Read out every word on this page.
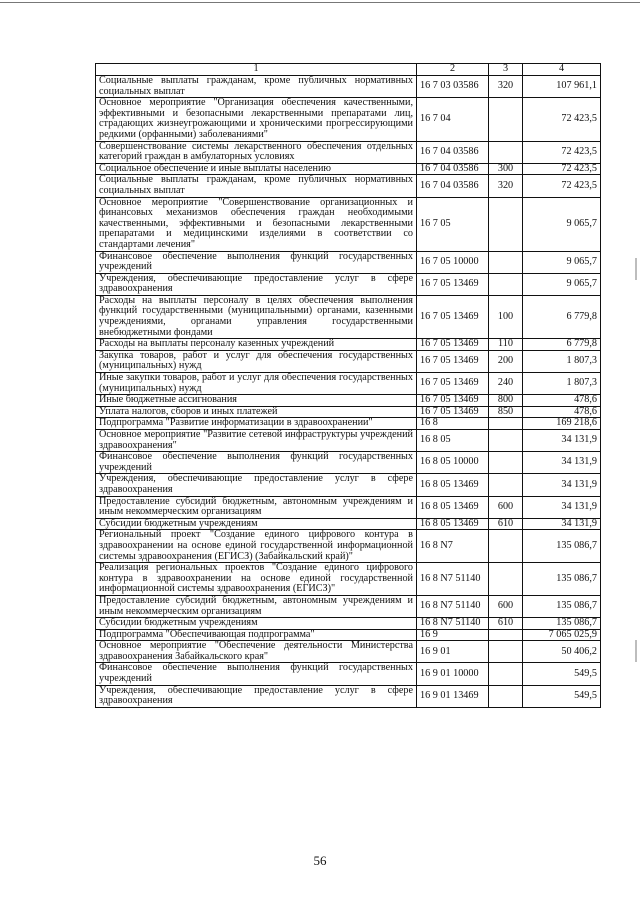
1	2	3	4
Социальные выплаты гражданам, кроме публичных нормативных социальных выплат	16 7 03 03586	320	107 961,1
Основное мероприятие "Организация обеспечения качественными, эффективными и безопасными лекарственными препаратами лиц, страдающих жизнеугрожающими и хроническими прогрессирующими редкими (орфанными) заболеваниями"	16 7 04		72 423,5
Совершенствование системы лекарственного обеспечения отдельных категорий граждан в амбулаторных условиях	16 7 04 03586		72 423,5
Социальное обеспечение и иные выплаты населению	16 7 04 03586	300	72 423,5
Социальные выплаты гражданам, кроме публичных нормативных социальных выплат	16 7 04 03586	320	72 423,5
Основное мероприятие "Совершенствование организационных и финансовых механизмов обеспечения граждан необходимыми качественными, эффективными и безопасными лекарственными препаратами и медицинскими изделиями в соответствии со стандартами лечения"	16 7 05		9 065,7
Финансовое обеспечение выполнения функций государственных учреждений	16 7 05 10000		9 065,7
Учреждения, обеспечивающие предоставление услуг в сфере здравоохранения	16 7 05 13469		9 065,7
Расходы на выплаты персоналу в целях обеспечения выполнения функций государственными (муниципальными) органами, казенными учреждениями, органами управления государственными внебюджетными фондами	16 7 05 13469	100	6 779,8
Расходы на выплаты персоналу казенных учреждений	16 7 05 13469	110	6 779,8
Закупка товаров, работ и услуг для обеспечения государственных (муниципальных) нужд	16 7 05 13469	200	1 807,3
Иные закупки товаров, работ и услуг для обеспечения государственных (муниципальных) нужд	16 7 05 13469	240	1 807,3
Иные бюджетные ассигнования	16 7 05 13469	800	478,6
Уплата налогов, сборов и иных платежей	16 7 05 13469	850	478,6
Подпрограмма "Развитие информатизации в здравоохранении"	16 8		169 218,6
Основное мероприятие "Развитие сетевой инфраструктуры учреждений здравоохранения"	16 8 05		34 131,9
Финансовое обеспечение выполнения функций государственных учреждений	16 8 05 10000		34 131,9
Учреждения, обеспечивающие предоставление услуг в сфере здравоохранения	16 8 05 13469		34 131,9
Предоставление субсидий бюджетным, автономным учреждениям и иным некоммерческим организациям	16 8 05 13469	600	34 131,9
Субсидии бюджетным учреждениям	16 8 05 13469	610	34 131,9
Региональный проект "Создание единого цифрового контура в здравоохранении на основе единой государственной информационной системы здравоохранения (ЕГИСЗ) (Забайкальский край)"	16 8 N7		135 086,7
Реализация региональных проектов "Создание единого цифрового контура в здравоохранении на основе единой государственной информационной системы здравоохранения (ЕГИСЗ)"	16 8 N7 51140		135 086,7
Предоставление субсидий бюджетным, автономным учреждениям и иным некоммерческим организациям	16 8 N7 51140	600	135 086,7
Субсидии бюджетным учреждениям	16 8 N7 51140	610	135 086,7
Подпрограмма "Обеспечивающая подпрограмма"	16 9		7 065 025,9
Основное мероприятие "Обеспечение деятельности Министерства здравоохранения Забайкальского края"	16 9 01		50 406,2
Финансовое обеспечение выполнения функций государственных учреждений	16 9 01 10000		549,5
Учреждения, обеспечивающие предоставление услуг в сфере здравоохранения	16 9 01 13469		549,5
56
